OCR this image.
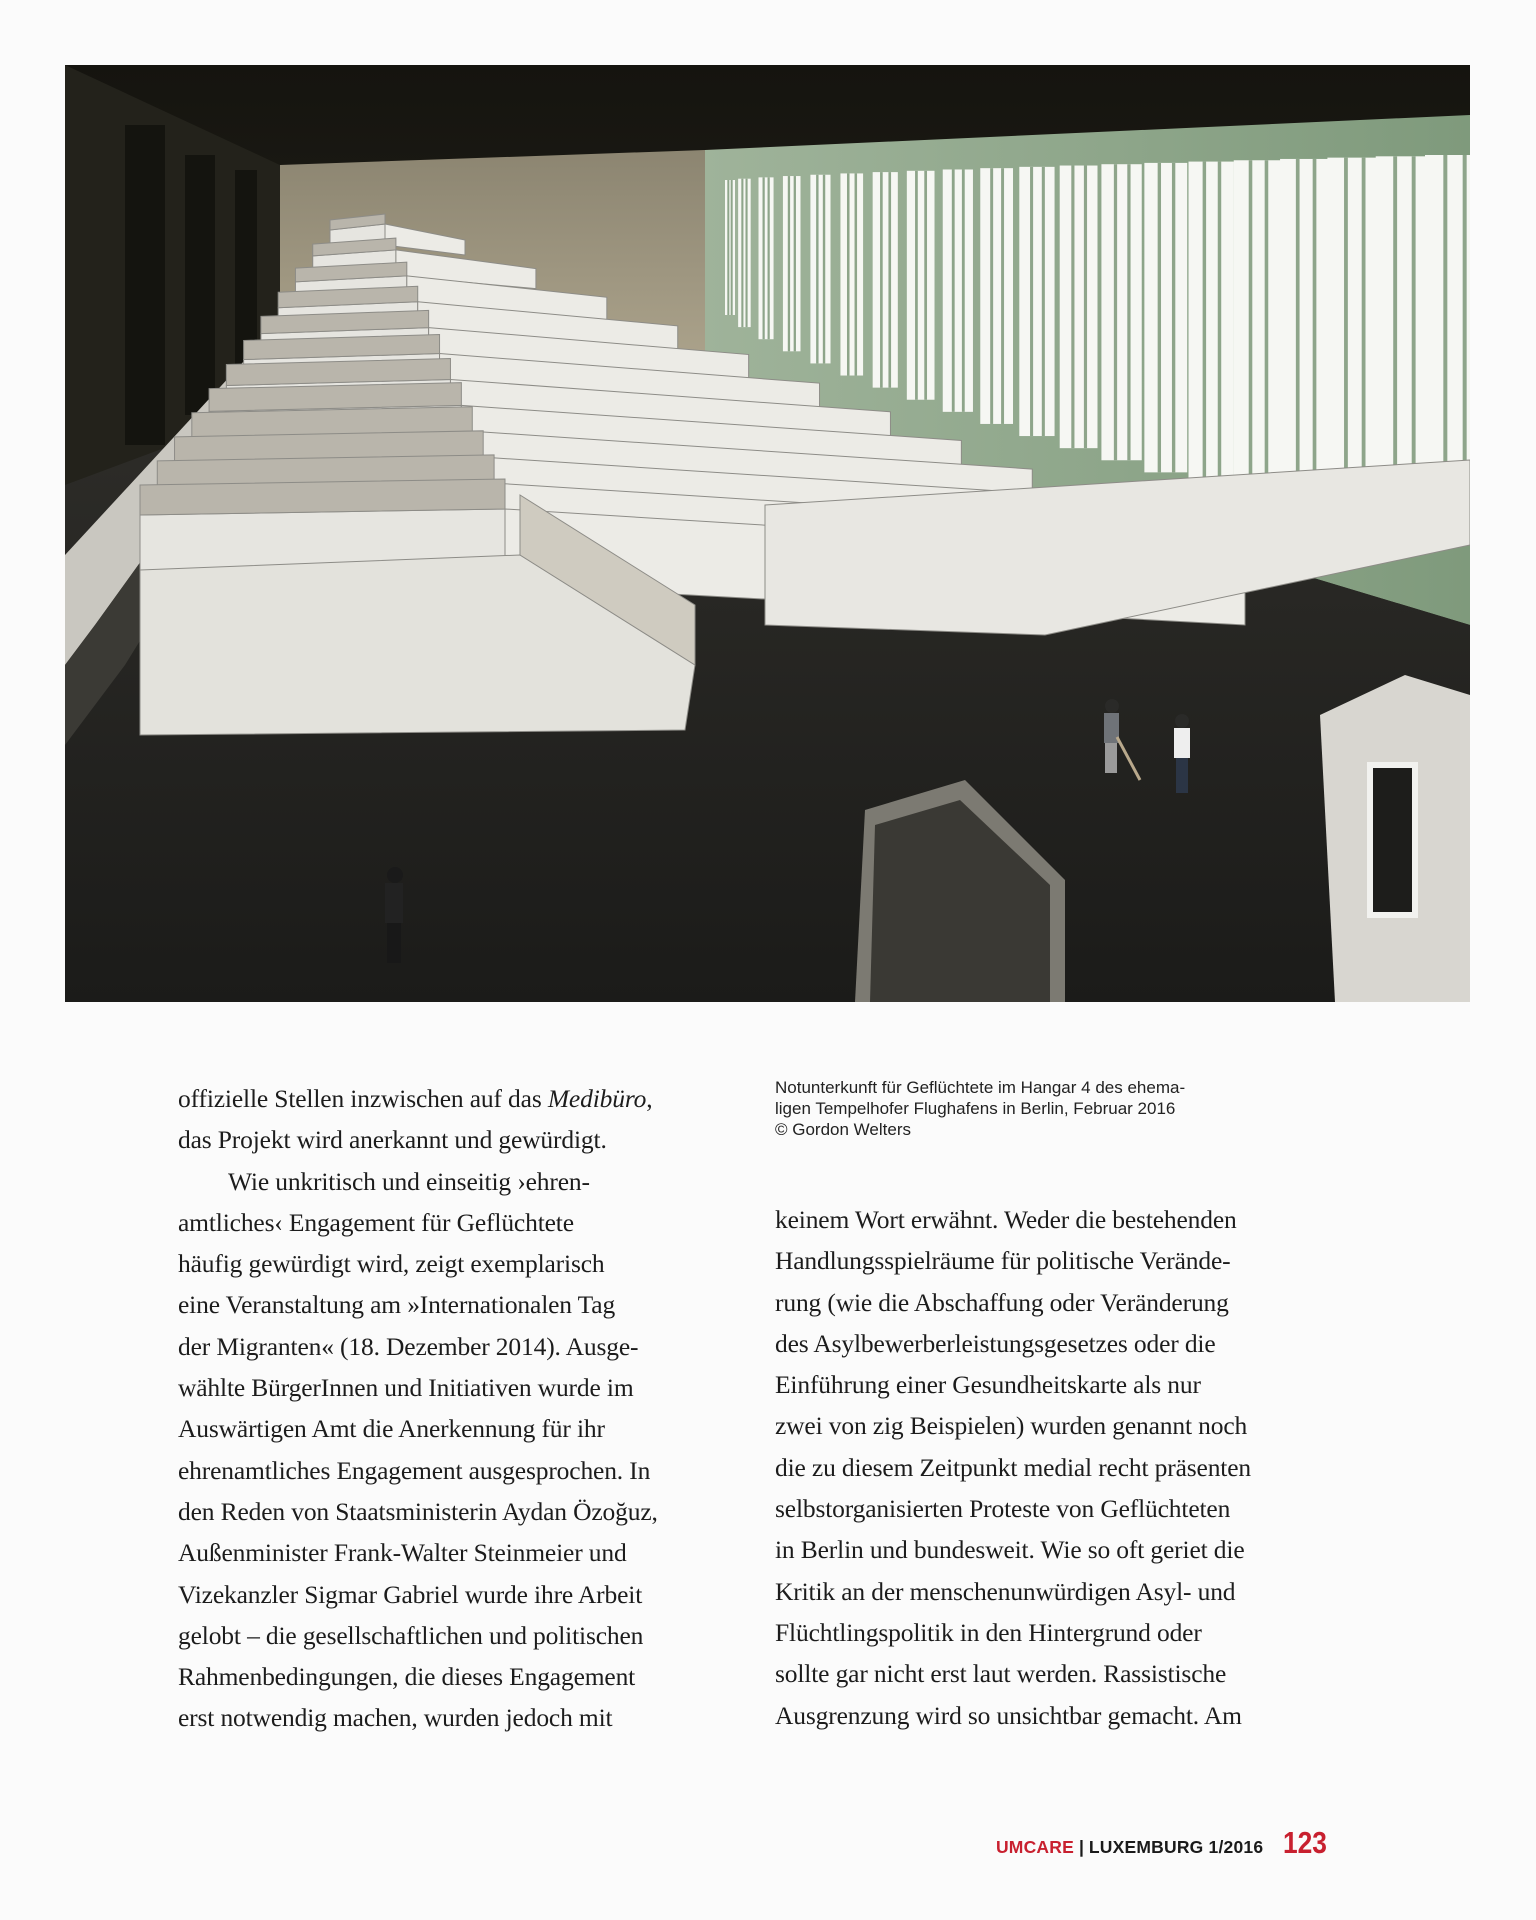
Notunterkunft für Geflüchtete im Hangar 4 des ehema-

ligen Tempelhofer Flughafens in Berlin, Februar 2016

© Gordon Welters

offizielle Stellen inzwischen auf das Medibüro,

das Projekt wird anerkannt und gewürdigt.

Wie unkritisch und einseitig ›ehren-

amtliches‹ Engagement für Geflüchtete

häufig gewürdigt wird, zeigt exemplarisch

eine Veranstaltung am »Internationalen Tag

der Migranten« (18. Dezember 2014). Ausge-

wählte BürgerInnen und Initiativen wurde im

Auswärtigen Amt die Anerkennung für ihr

ehrenamtliches Engagement ausgesprochen. In

den Reden von Staatsministerin Aydan Özoğuz,

Außenminister Frank-Walter Steinmeier und

Vizekanzler Sigmar Gabriel wurde ihre Arbeit

gelobt – die gesellschaftlichen und politischen

Rahmenbedingungen, die dieses Engagement

erst notwendig machen, wurden jedoch mit

keinem Wort erwähnt. Weder die bestehenden

Handlungsspielräume für politische Verände-

rung (wie die Abschaffung oder Veränderung

des Asylbewerberleistungsgesetzes oder die

Einführung einer Gesundheitskarte als nur

zwei von zig Beispielen) wurden genannt noch

die zu diesem Zeitpunkt medial recht präsenten

selbstorganisierten Proteste von Geflüchteten

in Berlin und bundesweit. Wie so oft geriet die

Kritik an der menschenunwürdigen Asyl- und

Flüchtlingspolitik in den Hintergrund oder

sollte gar nicht erst laut werden. Rassistische

Ausgrenzung wird so unsichtbar gemacht. Am

UMCARE | LUXEMBURG 1/2016 123
